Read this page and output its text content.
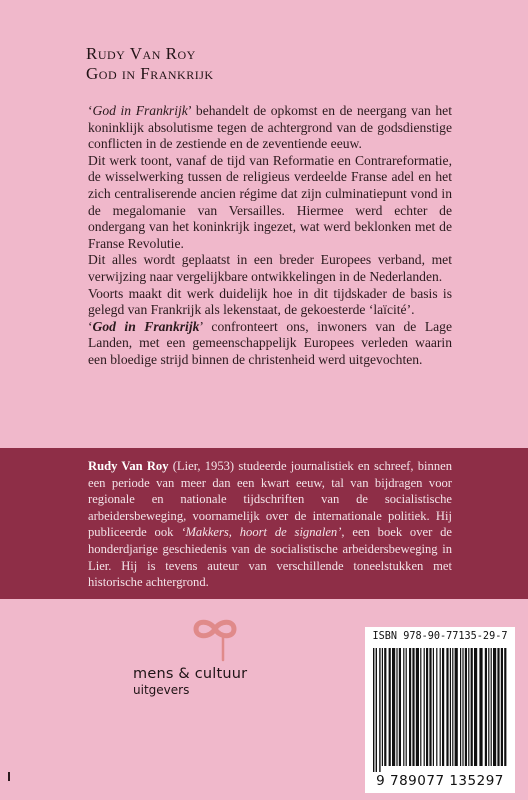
Rudy Van Roy
God in Frankrijk

‘God in Frankrijk’ behandelt de opkomst en de neergang van het koninklijk absolutisme tegen de achtergrond van de godsdienstige conflicten in de zestiende en de zeventiende eeuw.

Dit werk toont, vanaf de tijd van Reformatie en Contrareformatie, de wisselwerking tussen de religieus verdeelde Franse adel en het zich centraliserende ancien régime dat zijn culminatiepunt vond in de megalomanie van Versailles. Hiermee werd echter de ondergang van het koninkrijk ingezet, wat werd beklonken met de Franse Revolutie.

Dit alles wordt geplaatst in een breder Europees verband, met verwijzing naar vergelijkbare ontwikkelingen in de Nederlanden.

Voorts maakt dit werk duidelijk hoe in dit tijdskader de basis is gelegd van Frankrijk als lekenstaat, de gekoesterde ‘laïcité’.

‘God in Frankrijk’ confronteert ons, inwoners van de Lage Landen, met een gemeenschappelijk Europees verleden waarin een bloedige strijd binnen de christenheid werd uitgevochten.

Rudy Van Roy (Lier, 1953) studeerde journalistiek en schreef, binnen een periode van meer dan een kwart eeuw, tal van bijdragen voor regionale en nationale tijdschriften van de socialistische arbeidersbeweging, voornamelijk over de internationale politiek. Hij publiceerde ook ‘Makkers, hoort de signalen’, een boek over de honderdjarige geschiedenis van de socialistische arbeidersbeweging in Lier. Hij is tevens auteur van verschillende toneelstukken met historische achtergrond.

mens & cultuur
uitgevers
ISBN 978-90-77135-29-7
9 789077 135297
